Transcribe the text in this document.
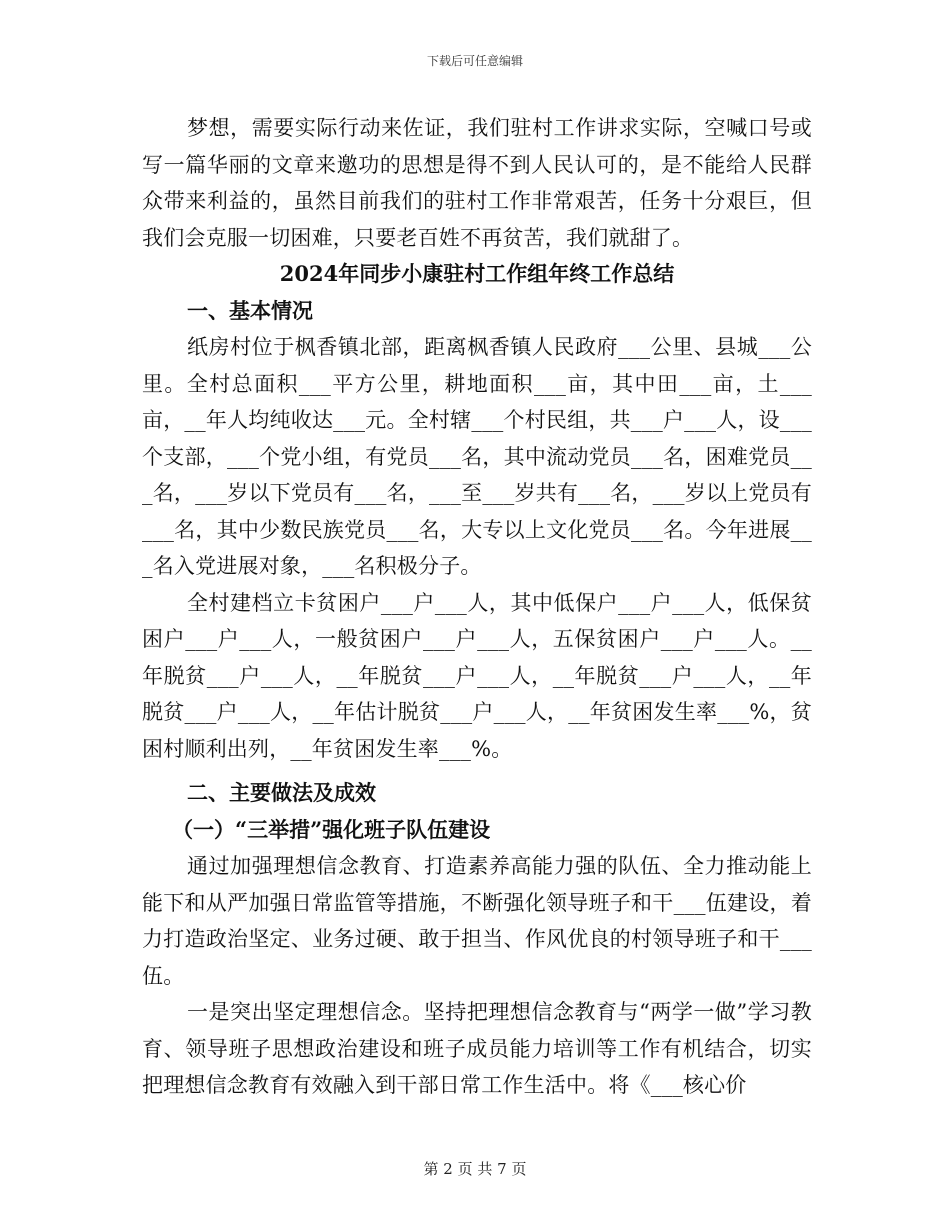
下载后可任意编辑

梦想，需要实际行动来佐证，我们驻村工作讲求实际，空喊口号或写一篇华丽的文章来邀功的思想是得不到人民认可的，是不能给人民群众带来利益的，虽然目前我们的驻村工作非常艰苦，任务十分艰巨，但我们会克服一切困难，只要老百姓不再贫苦，我们就甜了。

2024年同步小康驻村工作组年终工作总结

一、基本情况

纸房村位于枫香镇北部，距离枫香镇人民政府___公里、县城___公里。全村总面积___平方公里，耕地面积___亩，其中田___亩，土___亩，__年人均纯收达___元。全村辖___个村民组，共___户___人，设___个支部，___个党小组，有党员___名，其中流动党员___名，困难党员___名，___岁以下党员有___名，___至___岁共有___名，___岁以上党员有___名，其中少数民族党员___名，大专以上文化党员___名。今年进展___名入党进展对象，___名积极分子。

全村建档立卡贫困户___户___人，其中低保户___户___人，低保贫困户___户___人，一般贫困户___户___人，五保贫困户___户___人。__年脱贫___户___人，__年脱贫___户___人，__年脱贫___户___人，__年脱贫___户___人，__年估计脱贫___户___人，__年贫困发生率___%，贫困村顺利出列，__年贫困发生率___%。

二、主要做法及成效

（一）“三举措”强化班子队伍建设

通过加强理想信念教育、打造素养高能力强的队伍、全力推动能上能下和从严加强日常监管等措施，不断强化领导班子和干___伍建设，着力打造政治坚定、业务过硬、敢于担当、作风优良的村领导班子和干___伍。

一是突出坚定理想信念。坚持把理想信念教育与“两学一做”学习教育、领导班子思想政治建设和班子成员能力培训等工作有机结合，切实把理想信念教育有效融入到干部日常工作生活中。将《___核心价

第 2 页 共 7 页
